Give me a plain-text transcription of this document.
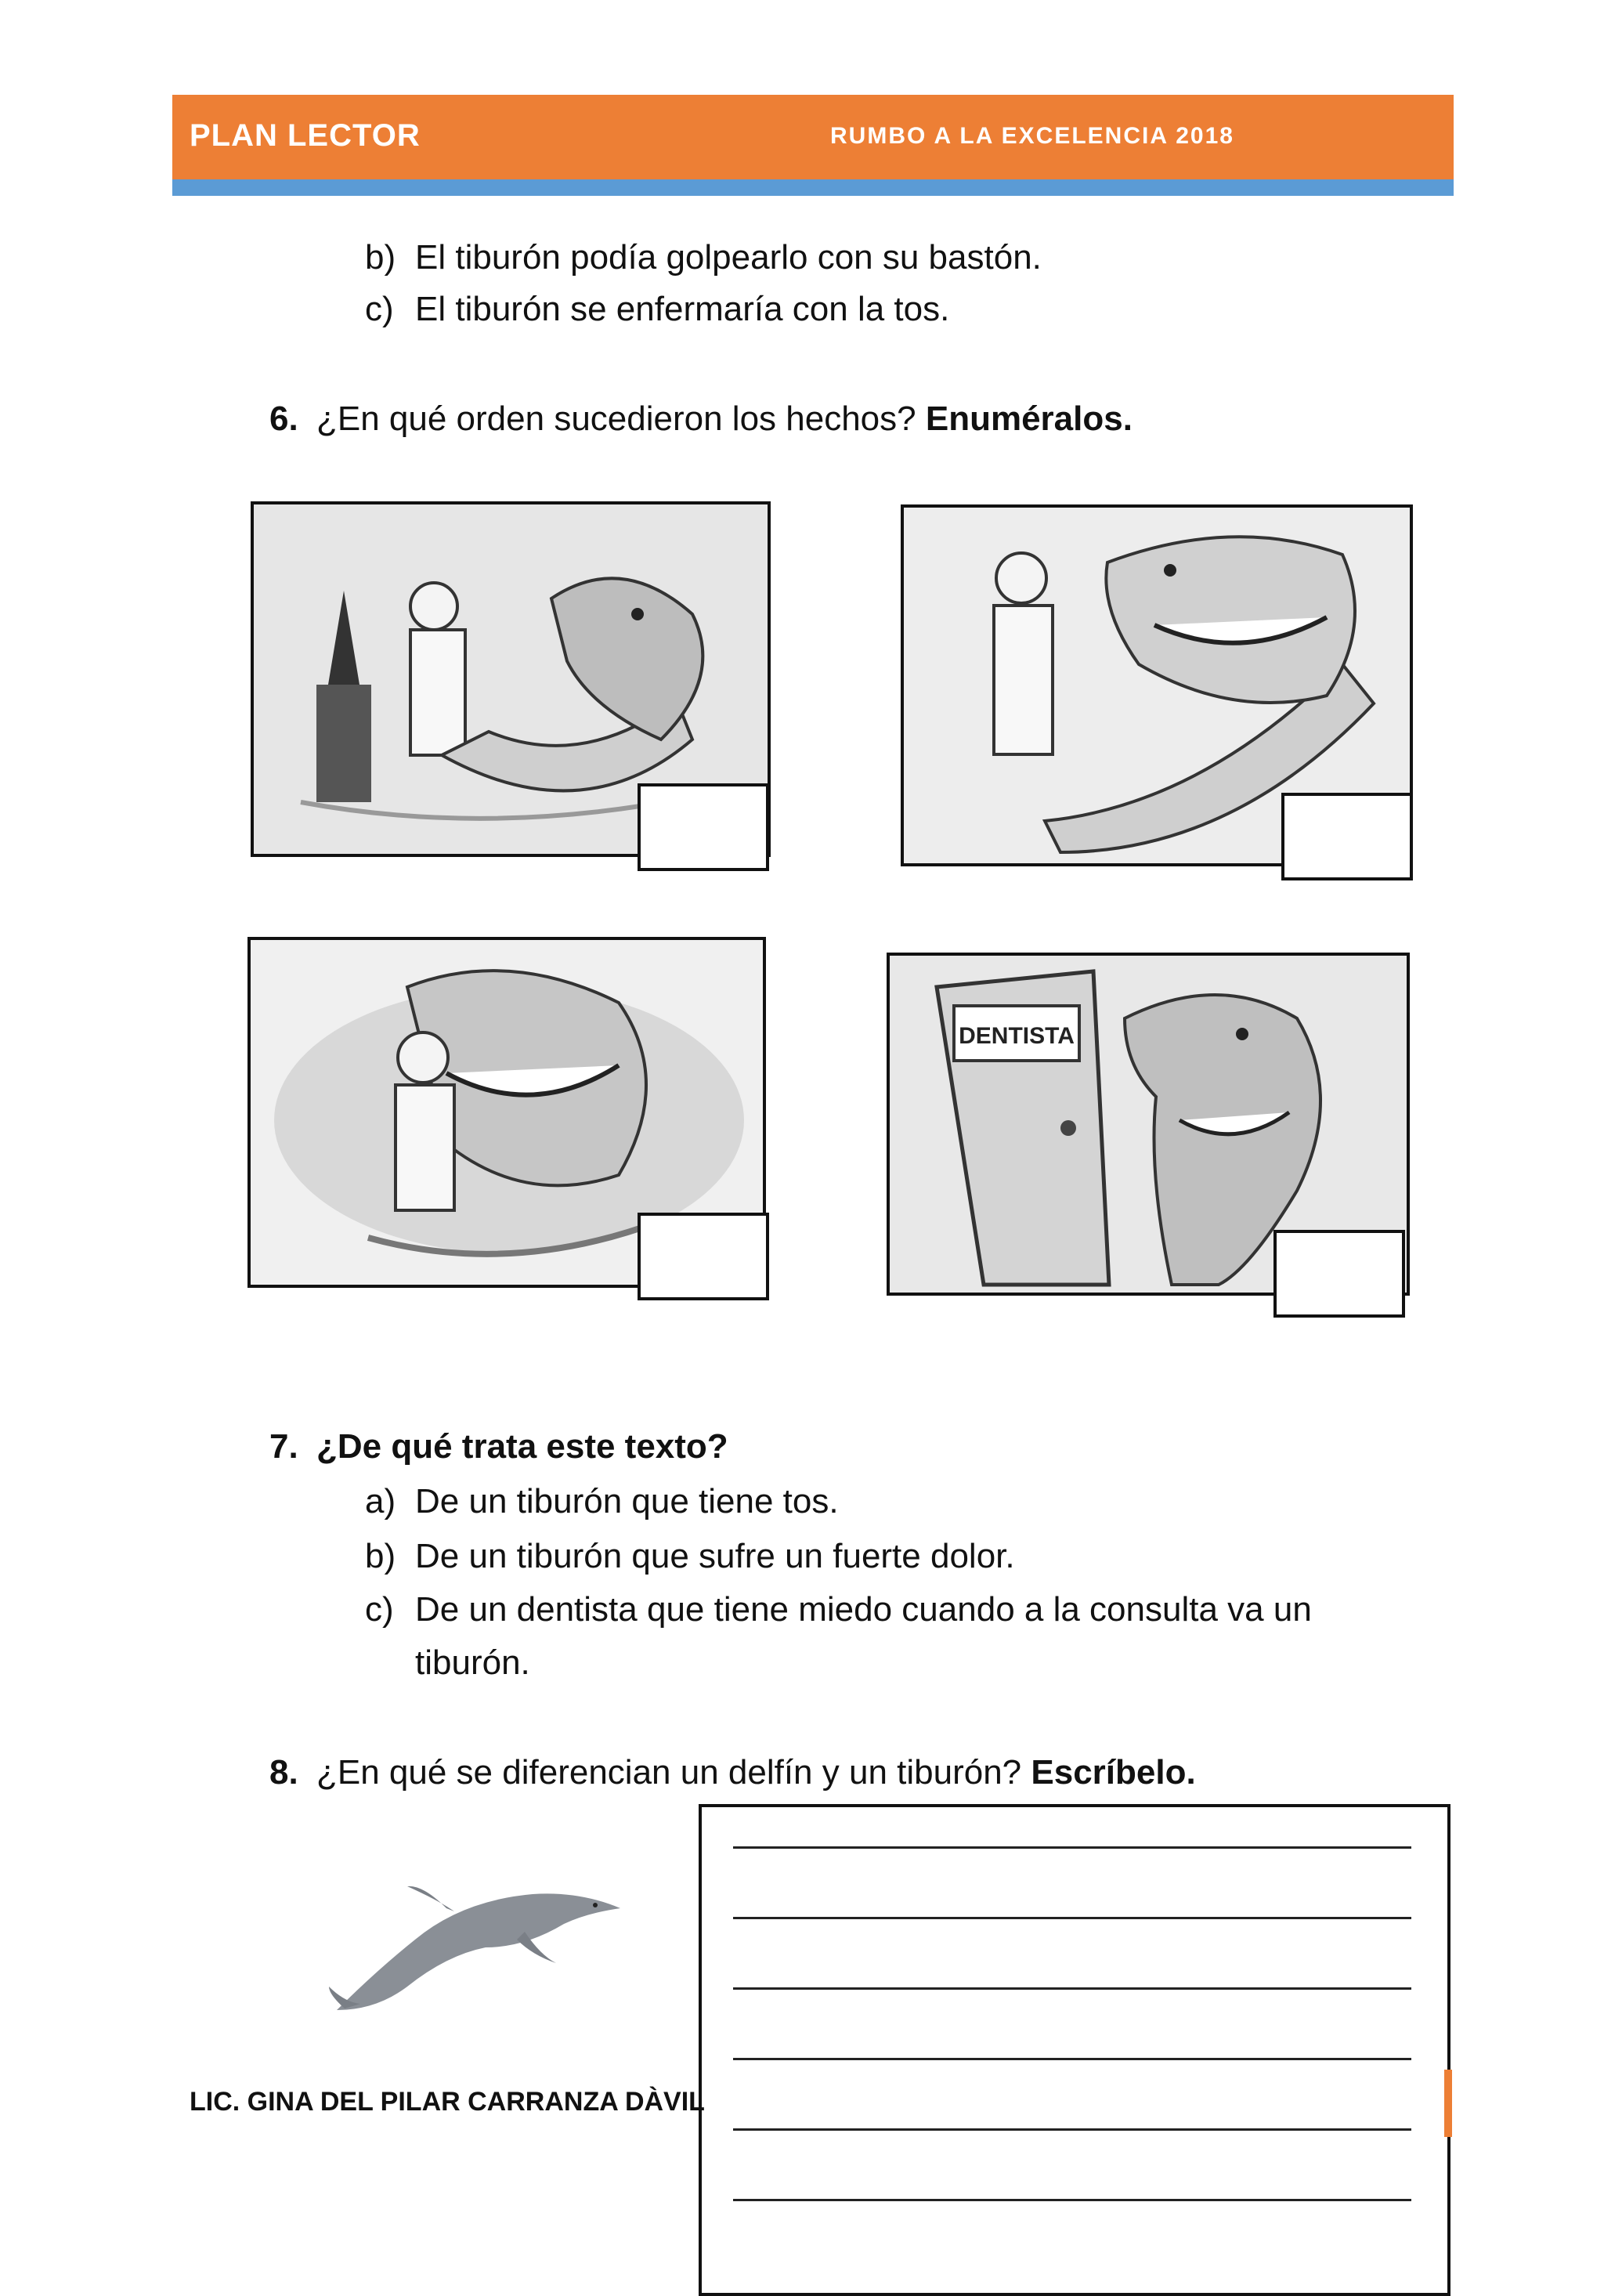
PLAN LECTOR	RUMBO A LA EXCELENCIA 2018
b) El tiburón podía golpearlo con su bastón.
c) El tiburón se enfermaría con la tos.
6. ¿En qué orden sucedieron los hechos? Enuméralos.
DENTISTA
7. ¿De qué trata este texto?
a) De un tiburón que tiene tos.
b) De un tiburón que sufre un fuerte dolor.
c) De un dentista que tiene miedo cuando a la consulta va un
tiburón.
8. ¿En qué se diferencian un delfín y un tiburón? Escríbelo.
LIC. GINA DEL PILAR CARRANZA DÀVIL
